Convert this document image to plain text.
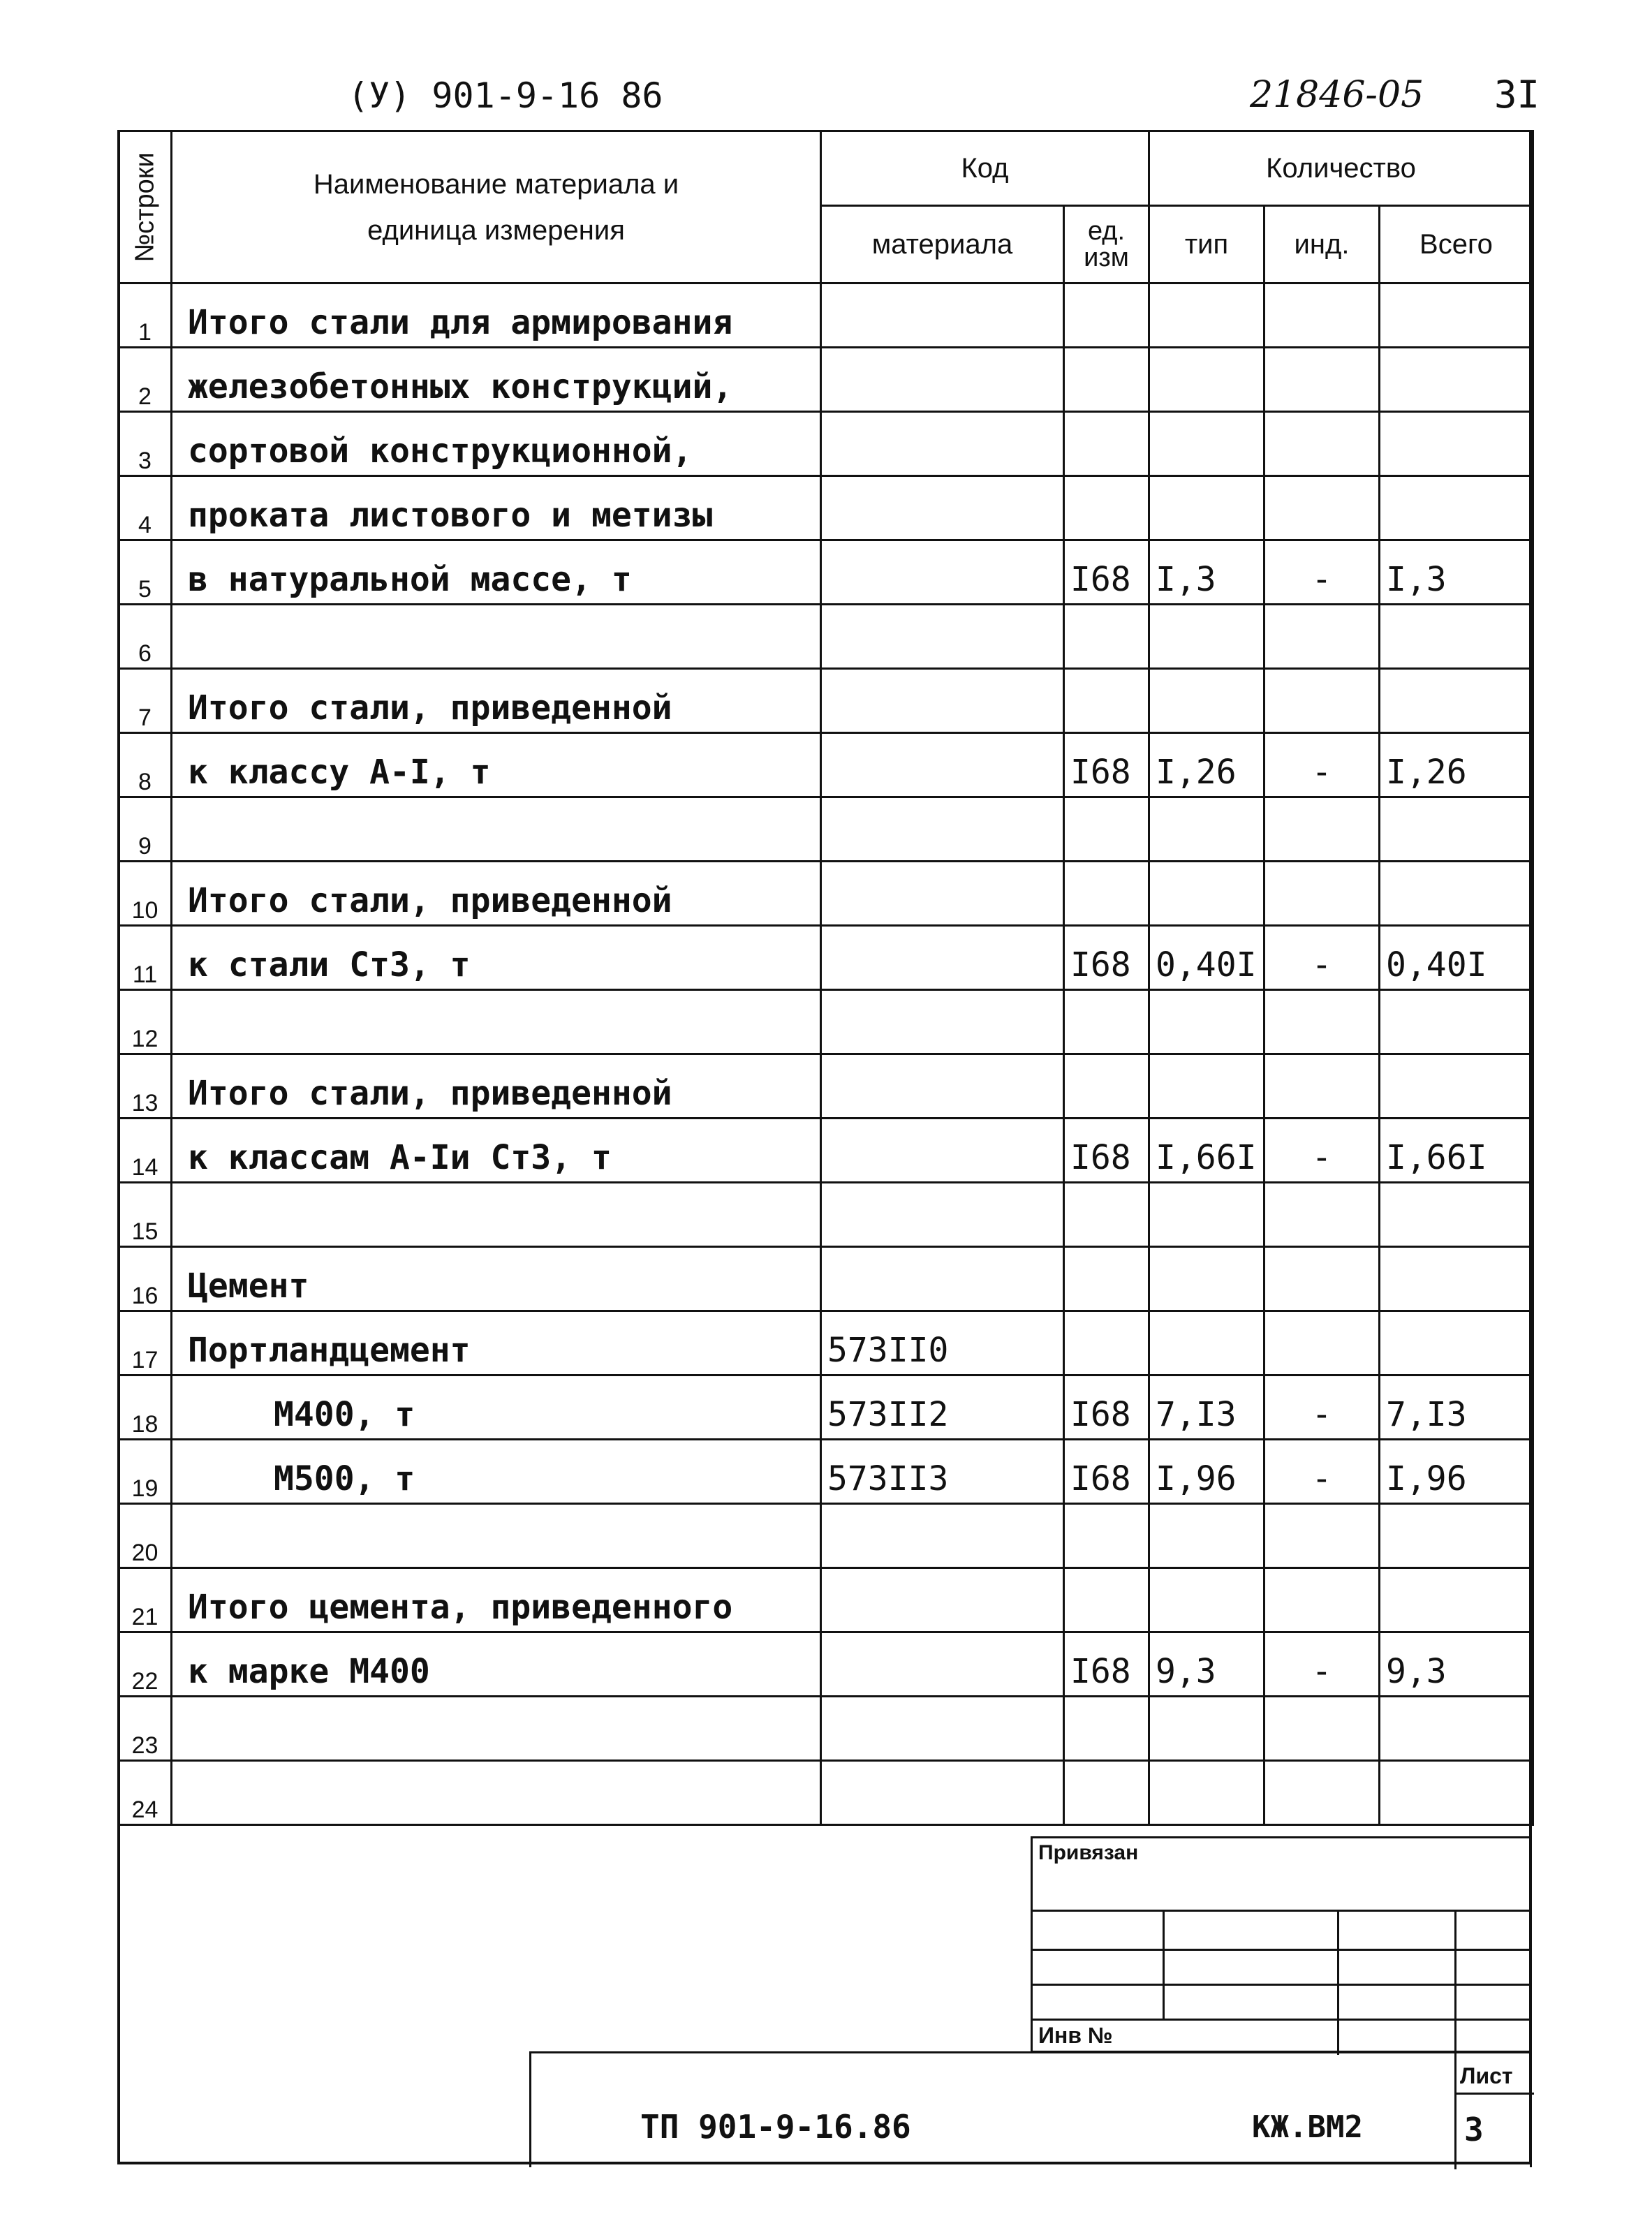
(У) 901-9-16 86	21846-05 3I
№строки	Наименование материала и единица измерения	Код		Количество		
		материала	ед. изм	тип	инд.	Всего
1	Итого стали для армирования					
2	железобетонных конструкций,					
3	сортовой конструкционной,					
4	проката листового и метизы					
5	в натуральной массе, т		I68	I,3	-	I,3
6						
7	Итого стали, приведенной					
8	к классу А-I, т		I68	I,26	-	I,26
9						
10	Итого стали, приведенной					
11	к стали Ст3, т		I68	0,40I	-	0,40I
12						
13	Итого стали, приведенной					
14	к классам А-Iи Ст3, т		I68	I,66I	-	I,66I
15						
16	Цемент					
17	Портландцемент	573II0				
18	М400, т	573II2	I68	7,I3	-	7,I3
19	М500, т	573II3	I68	I,96	-	I,96
20						
21	Итого цемента, приведенного					
22	к марке М400		I68	9,3	-	9,3
23						
24						
Привязан
Инв №
ТП 901-9-16.86	КЖ.ВМ2
Лист
3
